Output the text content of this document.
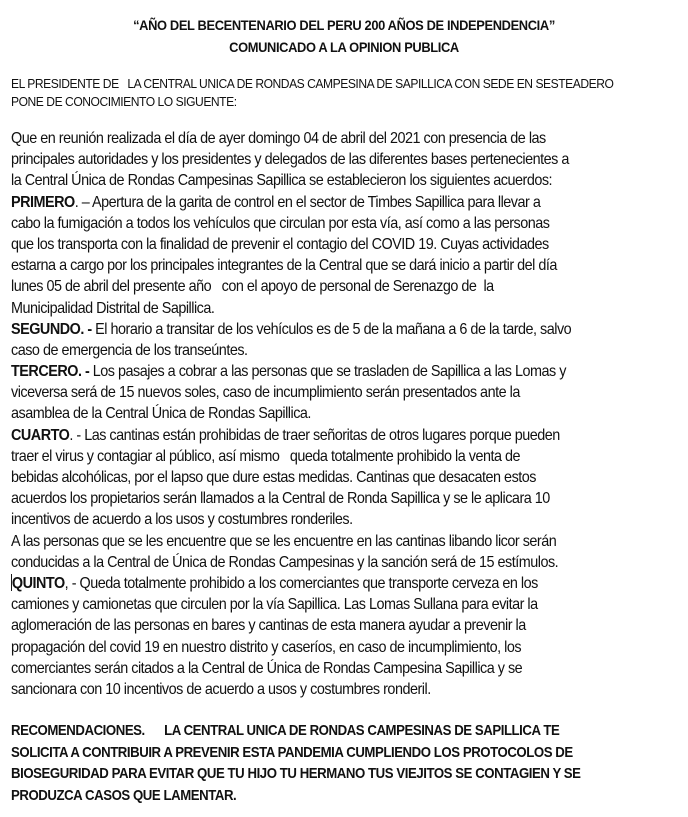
“AÑO DEL BECENTENARIO DEL PERU 200 AÑOS DE INDEPENDENCIA”
COMUNICADO A LA OPINION PUBLICA
EL PRESIDENTE DE   LA CENTRAL UNICA DE RONDAS CAMPESINA DE SAPILLICA CON SEDE EN SESTEADERO
PONE DE CONOCIMIENTO LO SIGUENTE:
Que en reunión realizada el día de ayer domingo 04 de abril del 2021 con presencia de las
principales autoridades y los presidentes y delegados de las diferentes bases pertenecientes a
la Central Única de Rondas Campesinas Sapillica se establecieron los siguientes acuerdos:
PRIMERO. – Apertura de la garita de control en el sector de Timbes Sapillica para llevar a
cabo la fumigación a todos los vehículos que circulan por esta vía, así como a las personas
que los transporta con la finalidad de prevenir el contagio del COVID 19. Cuyas actividades
estarna a cargo por los principales integrantes de la Central que se dará inicio a partir del día
lunes 05 de abril del presente año   con el apoyo de personal de Serenazgo de  la
Municipalidad Distrital de Sapillica.
SEGUNDO. - El horario a transitar de los vehículos es de 5 de la mañana a 6 de la tarde, salvo
caso de emergencia de los transeúntes.
TERCERO. - Los pasajes a cobrar a las personas que se trasladen de Sapillica a las Lomas y
viceversa será de 15 nuevos soles, caso de incumplimiento serán presentados ante la
asamblea de la Central Única de Rondas Sapillica.
CUARTO. - Las cantinas están prohibidas de traer señoritas de otros lugares porque pueden
traer el virus y contagiar al público, así mismo   queda totalmente prohibido la venta de
bebidas alcohólicas, por el lapso que dure estas medidas. Cantinas que desacaten estos
acuerdos los propietarios serán llamados a la Central de Ronda Sapillica y se le aplicara 10
incentivos de acuerdo a los usos y costumbres ronderiles.
A las personas que se les encuentre que se les encuentre en las cantinas libando licor serán
conducidas a la Central de Única de Rondas Campesinas y la sanción será de 15 estímulos.
QUINTO, - Queda totalmente prohibido a los comerciantes que transporte cerveza en los
camiones y camionetas que circulen por la vía Sapillica. Las Lomas Sullana para evitar la
aglomeración de las personas en bares y cantinas de esta manera ayudar a prevenir la
propagación del covid 19 en nuestro distrito y caseríos, en caso de incumplimiento, los
comerciantes serán citados a la Central de Única de Rondas Campesina Sapillica y se
sancionara con 10 incentivos de acuerdo a usos y costumbres ronderil.
RECOMENDACIONES.      LA CENTRAL UNICA DE RONDAS CAMPESINAS DE SAPILLICA TE
SOLICITA A CONTRIBUIR A PREVENIR ESTA PANDEMIA CUMPLIENDO LOS PROTOCOLOS DE
BIOSEGURIDAD PARA EVITAR QUE TU HIJO TU HERMANO TUS VIEJITOS SE CONTAGIEN Y SE
PRODUZCA CASOS QUE LAMENTAR.
